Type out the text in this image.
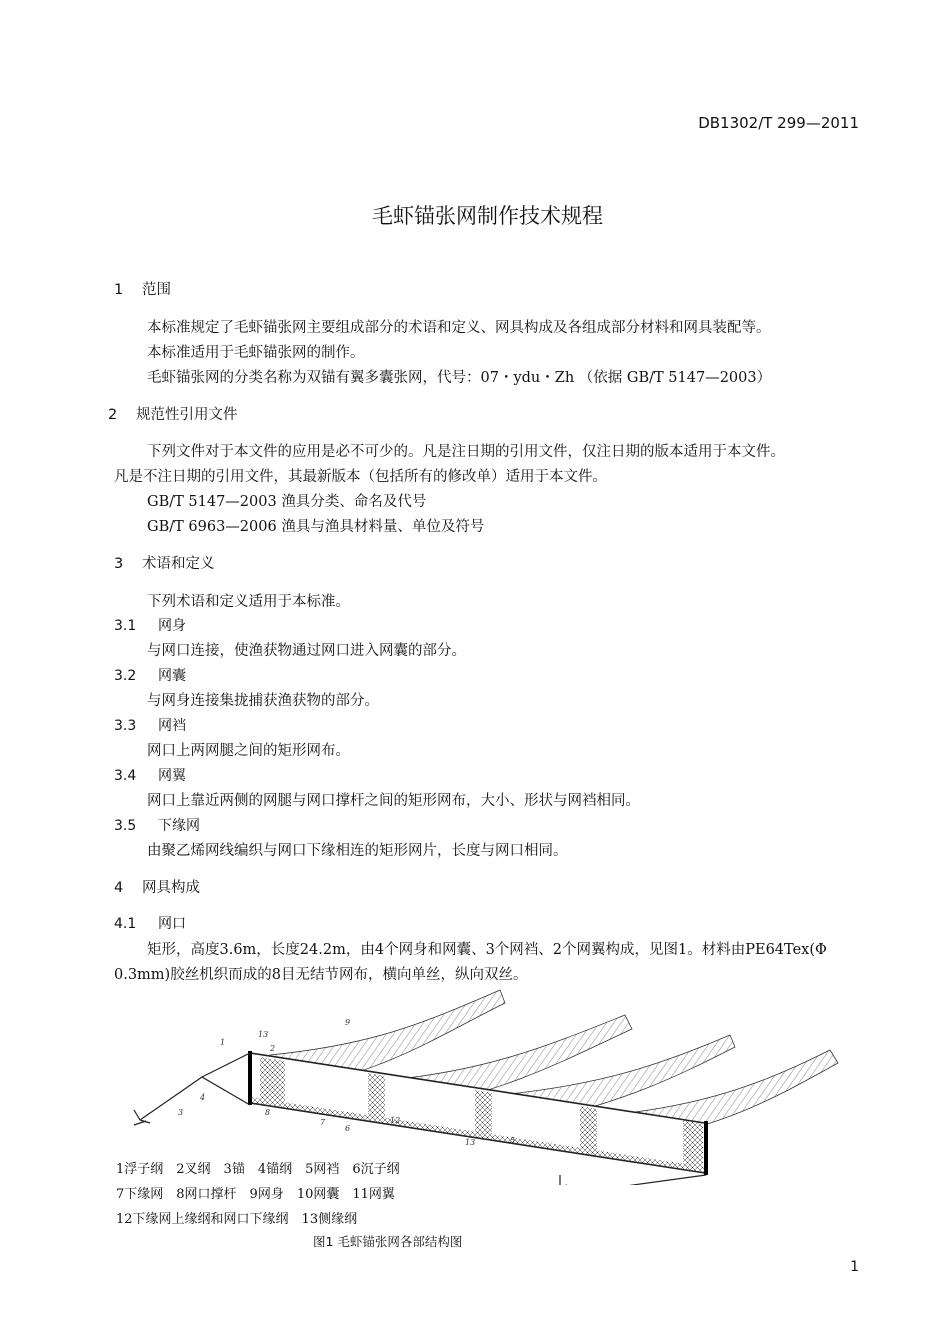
DB1302/T 299—2011
毛虾锚张网制作技术规程
1 范围
本标准规定了毛虾锚张网主要组成部分的术语和定义、网具构成及各组成部分材料和网具装配等。
本标准适用于毛虾锚张网的制作。
毛虾锚张网的分类名称为双锚有翼多囊张网，代号：07・ydu・Zh （依据 GB/T 5147—2003）
2 规范性引用文件
下列文件对于本文件的应用是必不可少的。凡是注日期的引用文件，仅注日期的版本适用于本文件。
凡是不注日期的引用文件，其最新版本（包括所有的修改单）适用于本文件。
GB/T 5147—2003 渔具分类、命名及代号
GB/T 6963—2006 渔具与渔具材料量、单位及符号
3 术语和定义
下列术语和定义适用于本标准。
3.1 网身
与网口连接，使渔获物通过网口进入网囊的部分。
3.2 网囊
与网身连接集拢捕获渔获物的部分。
3.3 网裆
网口上两网腿之间的矩形网布。
3.4 网翼
网口上靠近两侧的网腿与网口撑杆之间的矩形网布，大小、形状与网裆相同。
3.5 下缘网
由聚乙烯网线编织与网口下缘相连的矩形网片，长度与网口相同。
4 网具构成
4.1 网口
矩形，高度3.6m，长度24.2m，由4个网身和网囊、3个网裆、2个网翼构成，见图1。材料由PE64Tex(Φ
0.3mm)胶丝机织而成的8目无结节网布，横向单丝，纵向双丝。
13
9
1
2
4
3	8
7
6
12
13	5
1浮子纲　2叉纲　3锚　4锚纲　5网裆　6沉子纲
7下缘网　8网口撑杆　9网身　10网囊　11网翼
12下缘网上缘纲和网口下缘纲　13侧缘纲
图1 毛虾锚张网各部结构图
1
